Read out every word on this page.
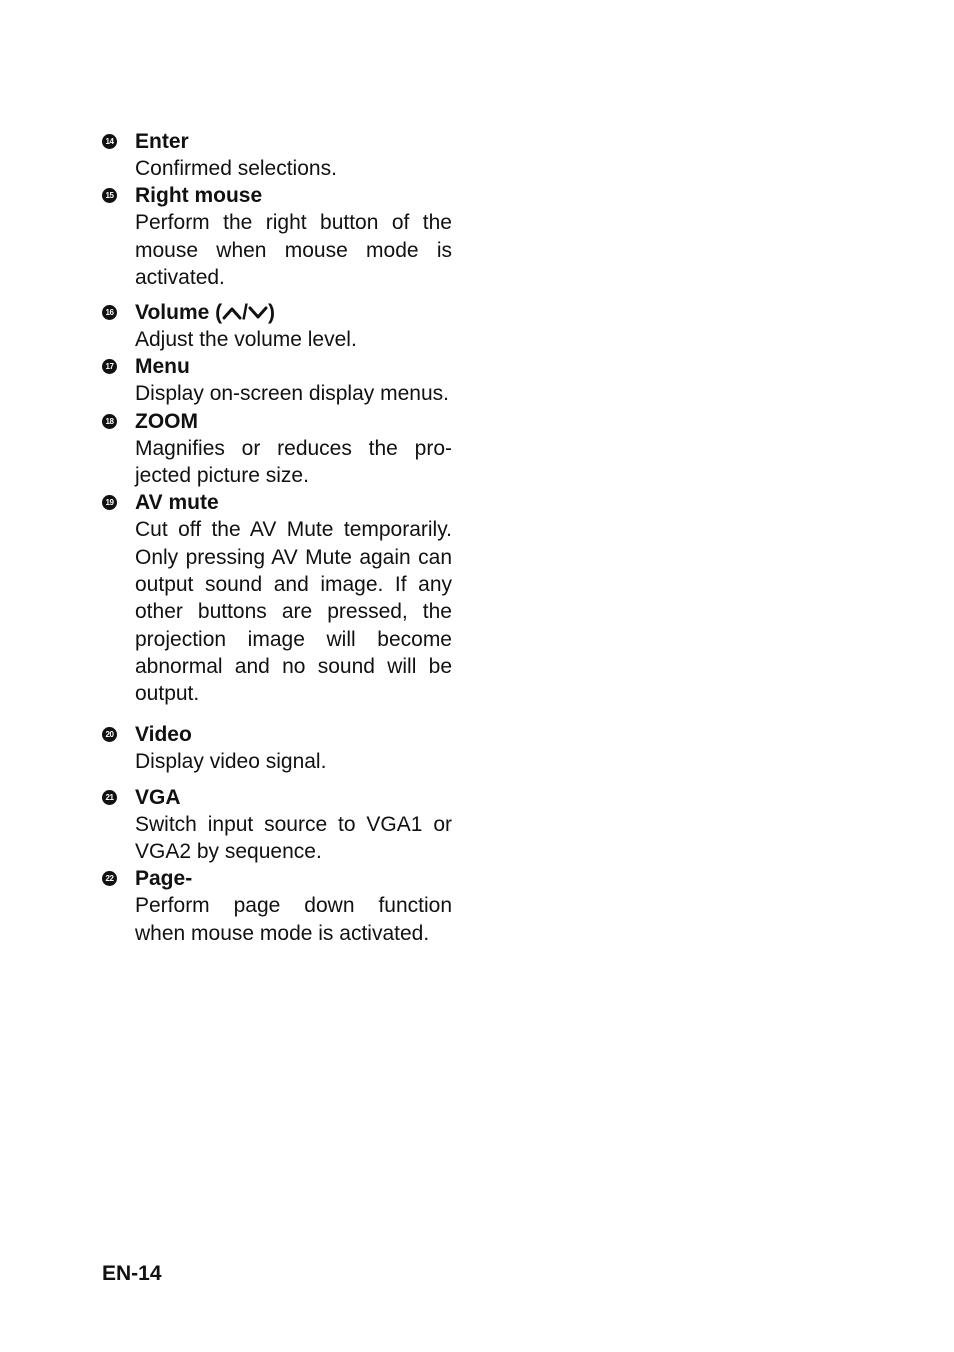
14 Enter
Confirmed selections.
15 Right mouse
Perform the right button of the mouse when mouse mode is activated.
16 Volume ( / )
Adjust the volume level.
17 Menu
Display on-screen display menus.
18 ZOOM
Magnifies or reduces the pro-jected picture size.
19 AV mute
Cut off the AV Mute temporarily. Only pressing AV Mute again can output sound and image. If any other buttons are pressed, the projection image will become abnormal and no sound will be output.
20 Video
Display video signal.
21 VGA
Switch input source to VGA1 or VGA2 by sequence.
22 Page-
Perform page down function when mouse mode is activated.
EN-14
